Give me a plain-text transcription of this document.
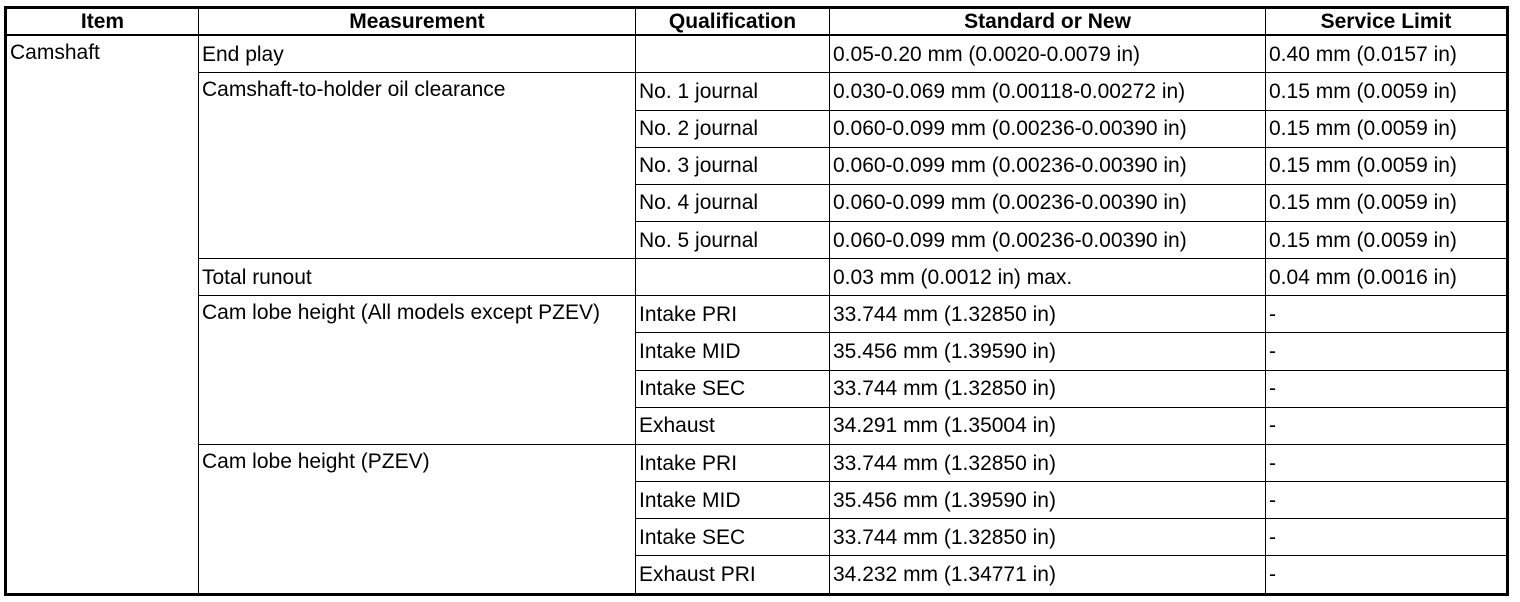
Item	Measurement	Qualification	Standard or New	Service Limit
Camshaft	End play		0.05-0.20 mm (0.0020-0.0079 in)	0.40 mm (0.0157 in)
	Camshaft-to-holder oil clearance	No. 1 journal	0.030-0.069 mm (0.00118-0.00272 in)	0.15 mm (0.0059 in)
		No. 2 journal	0.060-0.099 mm (0.00236-0.00390 in)	0.15 mm (0.0059 in)
		No. 3 journal	0.060-0.099 mm (0.00236-0.00390 in)	0.15 mm (0.0059 in)
		No. 4 journal	0.060-0.099 mm (0.00236-0.00390 in)	0.15 mm (0.0059 in)
		No. 5 journal	0.060-0.099 mm (0.00236-0.00390 in)	0.15 mm (0.0059 in)
	Total runout		0.03 mm (0.0012 in) max.	0.04 mm (0.0016 in)
	Cam lobe height (All models except PZEV)	Intake PRI	33.744 mm (1.32850 in)	-
		Intake MID	35.456 mm (1.39590 in)	-
		Intake SEC	33.744 mm (1.32850 in)	-
		Exhaust	34.291 mm (1.35004 in)	-
	Cam lobe height (PZEV)	Intake PRI	33.744 mm (1.32850 in)	-
		Intake MID	35.456 mm (1.39590 in)	-
		Intake SEC	33.744 mm (1.32850 in)	-
		Exhaust PRI	34.232 mm (1.34771 in)	-
